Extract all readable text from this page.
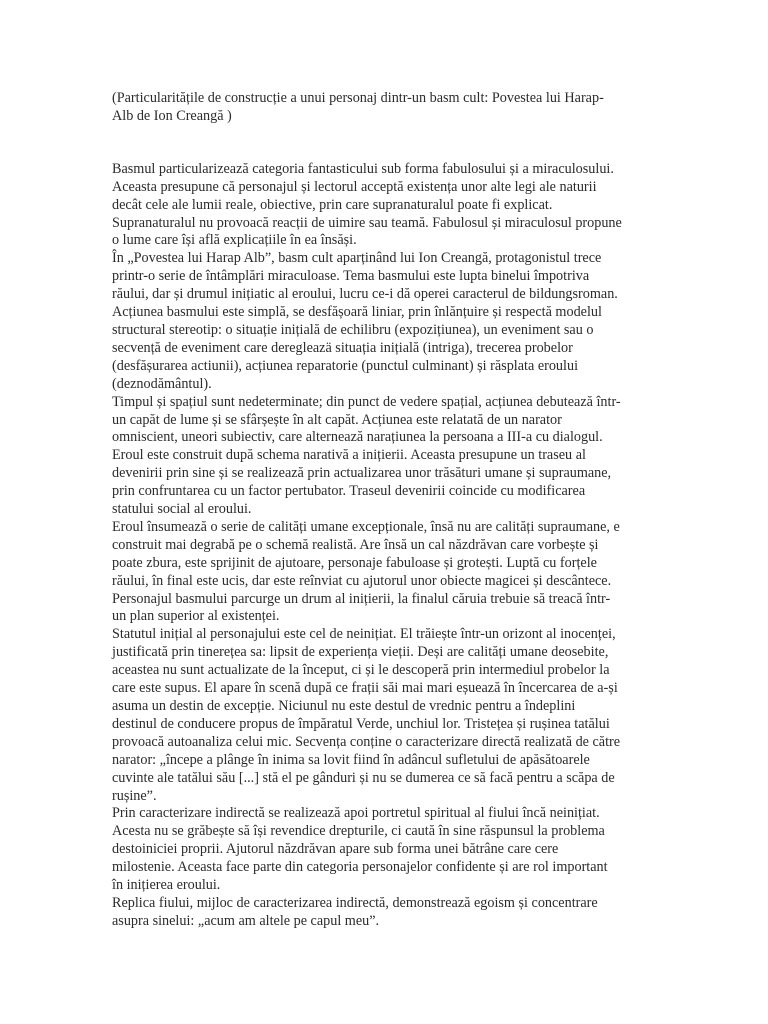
(Particularitățile de construcție a unui personaj dintr-un basm cult: Povestea lui Harap-
Alb de Ion Creangă )
Basmul particularizează categoria fantasticului sub forma fabulosului și a miraculosului.
Aceasta presupune că personajul și lectorul acceptă existența unor alte legi ale naturii
decât cele ale lumii reale, obiective, prin care supranaturalul poate fi explicat.
Supranaturalul nu provoacă reacții de uimire sau teamă. Fabulosul și miraculosul propune
o lume care își află explicațiile în ea însăși.
În „Povestea lui Harap Alb”, basm cult aparținând lui Ion Creangă, protagonistul trece
printr-o serie de întâmplări miraculoase. Tema basmului este lupta binelui împotriva
răului, dar și drumul inițiatic al eroului, lucru ce-i dă operei caracterul de bildungsroman.
Acțiunea basmului este simplă, se desfășoară liniar, prin înlănțuire și respectă modelul
structural stereotip: o situație inițială de echilibru (expozițiunea), un eveniment sau o
secvență de eveniment care deregleazä situația inițială (intriga), trecerea probelor
(desfășurarea actiunii), acțiunea reparatorie (punctul culminant) și răsplata eroului
(deznodământul).
Timpul și spațiul sunt nedeterminate; din punct de vedere spațial, acțiunea debutează într-
un capăt de lume și se sfârșește în alt capăt. Acțiunea este relatată de un narator
omniscient, uneori subiectiv, care alternează narațiunea la persoana a III-a cu dialogul.
Eroul este construit după schema narativă a inițierii. Aceasta presupune un traseu al
devenirii prin sine și se realizează prin actualizarea unor trăsături umane și supraumane,
prin confruntarea cu un factor pertubator. Traseul devenirii coincide cu modificarea
statului social al eroului.
Eroul însumează o serie de calități umane excepționale, însă nu are calități supraumane, e
construit mai degrabă pe o schemă realistă. Are însă un cal năzdrăvan care vorbește și
poate zbura, este sprijinit de ajutoare, personaje fabuloase și grotești. Luptă cu forțele
răului, în final este ucis, dar este reînviat cu ajutorul unor obiecte magicei și descântece.
Personajul basmului parcurge un drum al inițierii, la finalul căruia trebuie să treacă într-
un plan superior al existenței.
Statutul inițial al personajului este cel de neinițiat. El trăiește într-un orizont al inocenței,
justificată prin tinerețea sa: lipsit de experiența vieții. Deși are calități umane deosebite,
aceastea nu sunt actualizate de la început, ci și le descoperă prin intermediul probelor la
care este supus. El apare în scenă după ce frații săi mai mari eșuează în încercarea de a-și
asuma un destin de excepție. Niciunul nu este destul de vrednic pentru a îndeplini
destinul de conducere propus de împăratul Verde, unchiul lor. Tristețea și rușinea tatălui
provoacă autoanaliza celui mic. Secvența conține o caracterizare directă realizată de către
narator: „începe a plânge în inima sa lovit fiind în adâncul sufletului de apăsătoarele
cuvinte ale tatălui său [...] stă el pe gânduri și nu se dumerea ce să facă pentru a scăpa de
rușine”.
Prin caracterizare indirectă se realizează apoi portretul spiritual al fiului încă neinițiat.
Acesta nu se grăbește să își revendice drepturile, ci caută în sine răspunsul la problema
destoiniciei proprii. Ajutorul năzdrăvan apare sub forma unei bătrâne care cere
milostenie. Aceasta face parte din categoria personajelor confidente și are rol important
în inițierea eroului.
Replica fiului, mijloc de caracterizarea indirectă, demonstrează egoism și concentrare
asupra sinelui: „acum am altele pe capul meu”.
